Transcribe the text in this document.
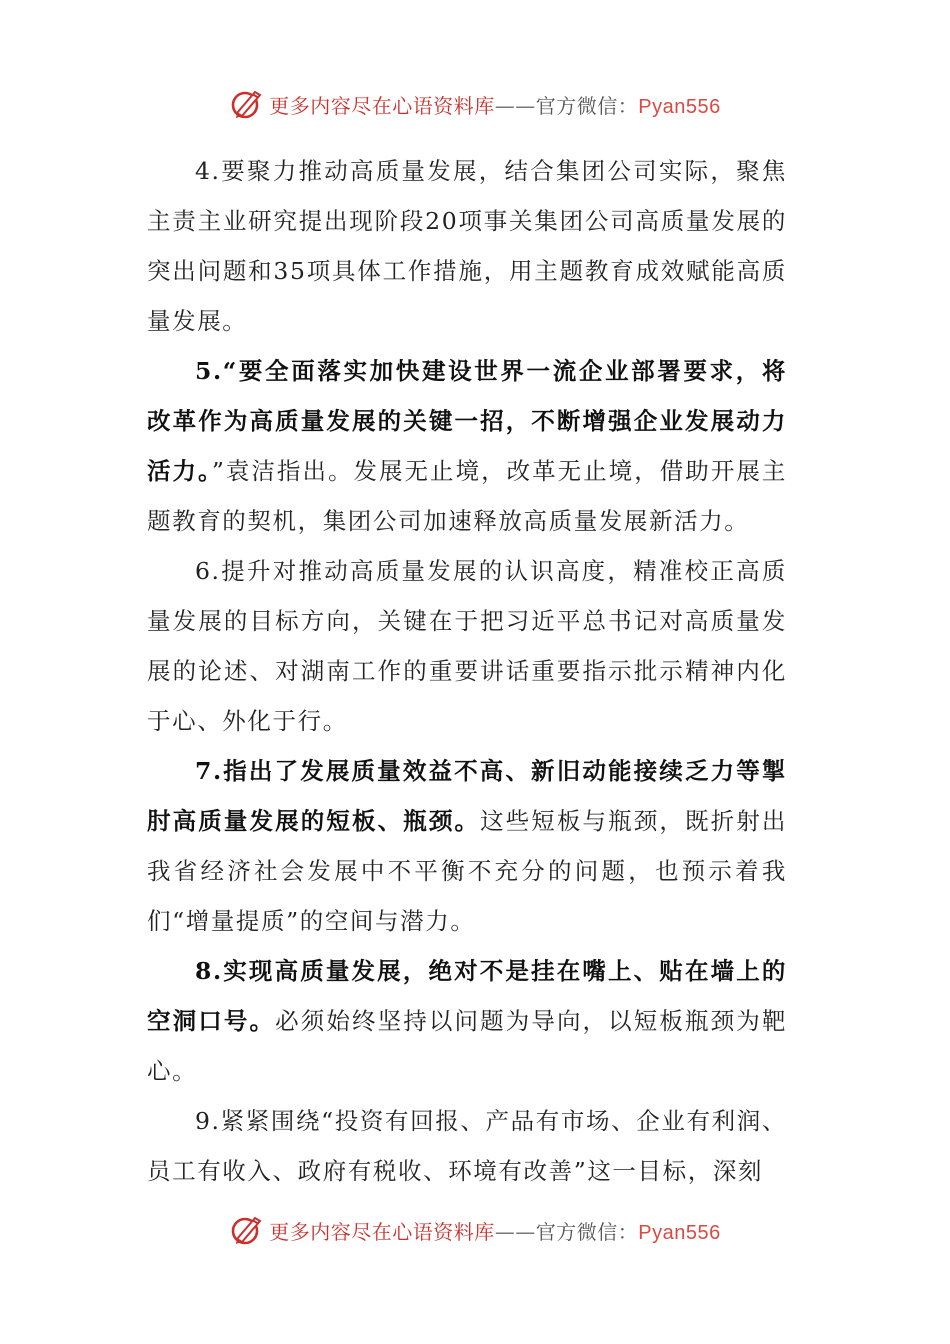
更多内容尽在心语资料库——官方微信：Pyan556

4.要聚力推动高质量发展，结合集团公司实际，聚焦主责主业研究提出现阶段20项事关集团公司高质量发展的突出问题和35项具体工作措施，用主题教育成效赋能高质量发展。

5.“要全面落实加快建设世界一流企业部署要求，将改革作为高质量发展的关键一招，不断增强企业发展动力活力。”袁洁指出。发展无止境，改革无止境，借助开展主题教育的契机，集团公司加速释放高质量发展新活力。

6.提升对推动高质量发展的认识高度，精准校正高质量发展的目标方向，关键在于把习近平总书记对高质量发展的论述、对湖南工作的重要讲话重要指示批示精神内化于心、外化于行。

7.指出了发展质量效益不高、新旧动能接续乏力等掣肘高质量发展的短板、瓶颈。这些短板与瓶颈，既折射出我省经济社会发展中不平衡不充分的问题，也预示着我们“增量提质”的空间与潜力。

8.实现高质量发展，绝对不是挂在嘴上、贴在墙上的空洞口号。必须始终坚持以问题为导向，以短板瓶颈为靶心。

9.紧紧围绕“投资有回报、产品有市场、企业有利润、员工有收入、政府有税收、环境有改善”这一目标，深刻

更多内容尽在心语资料库——官方微信：Pyan556
